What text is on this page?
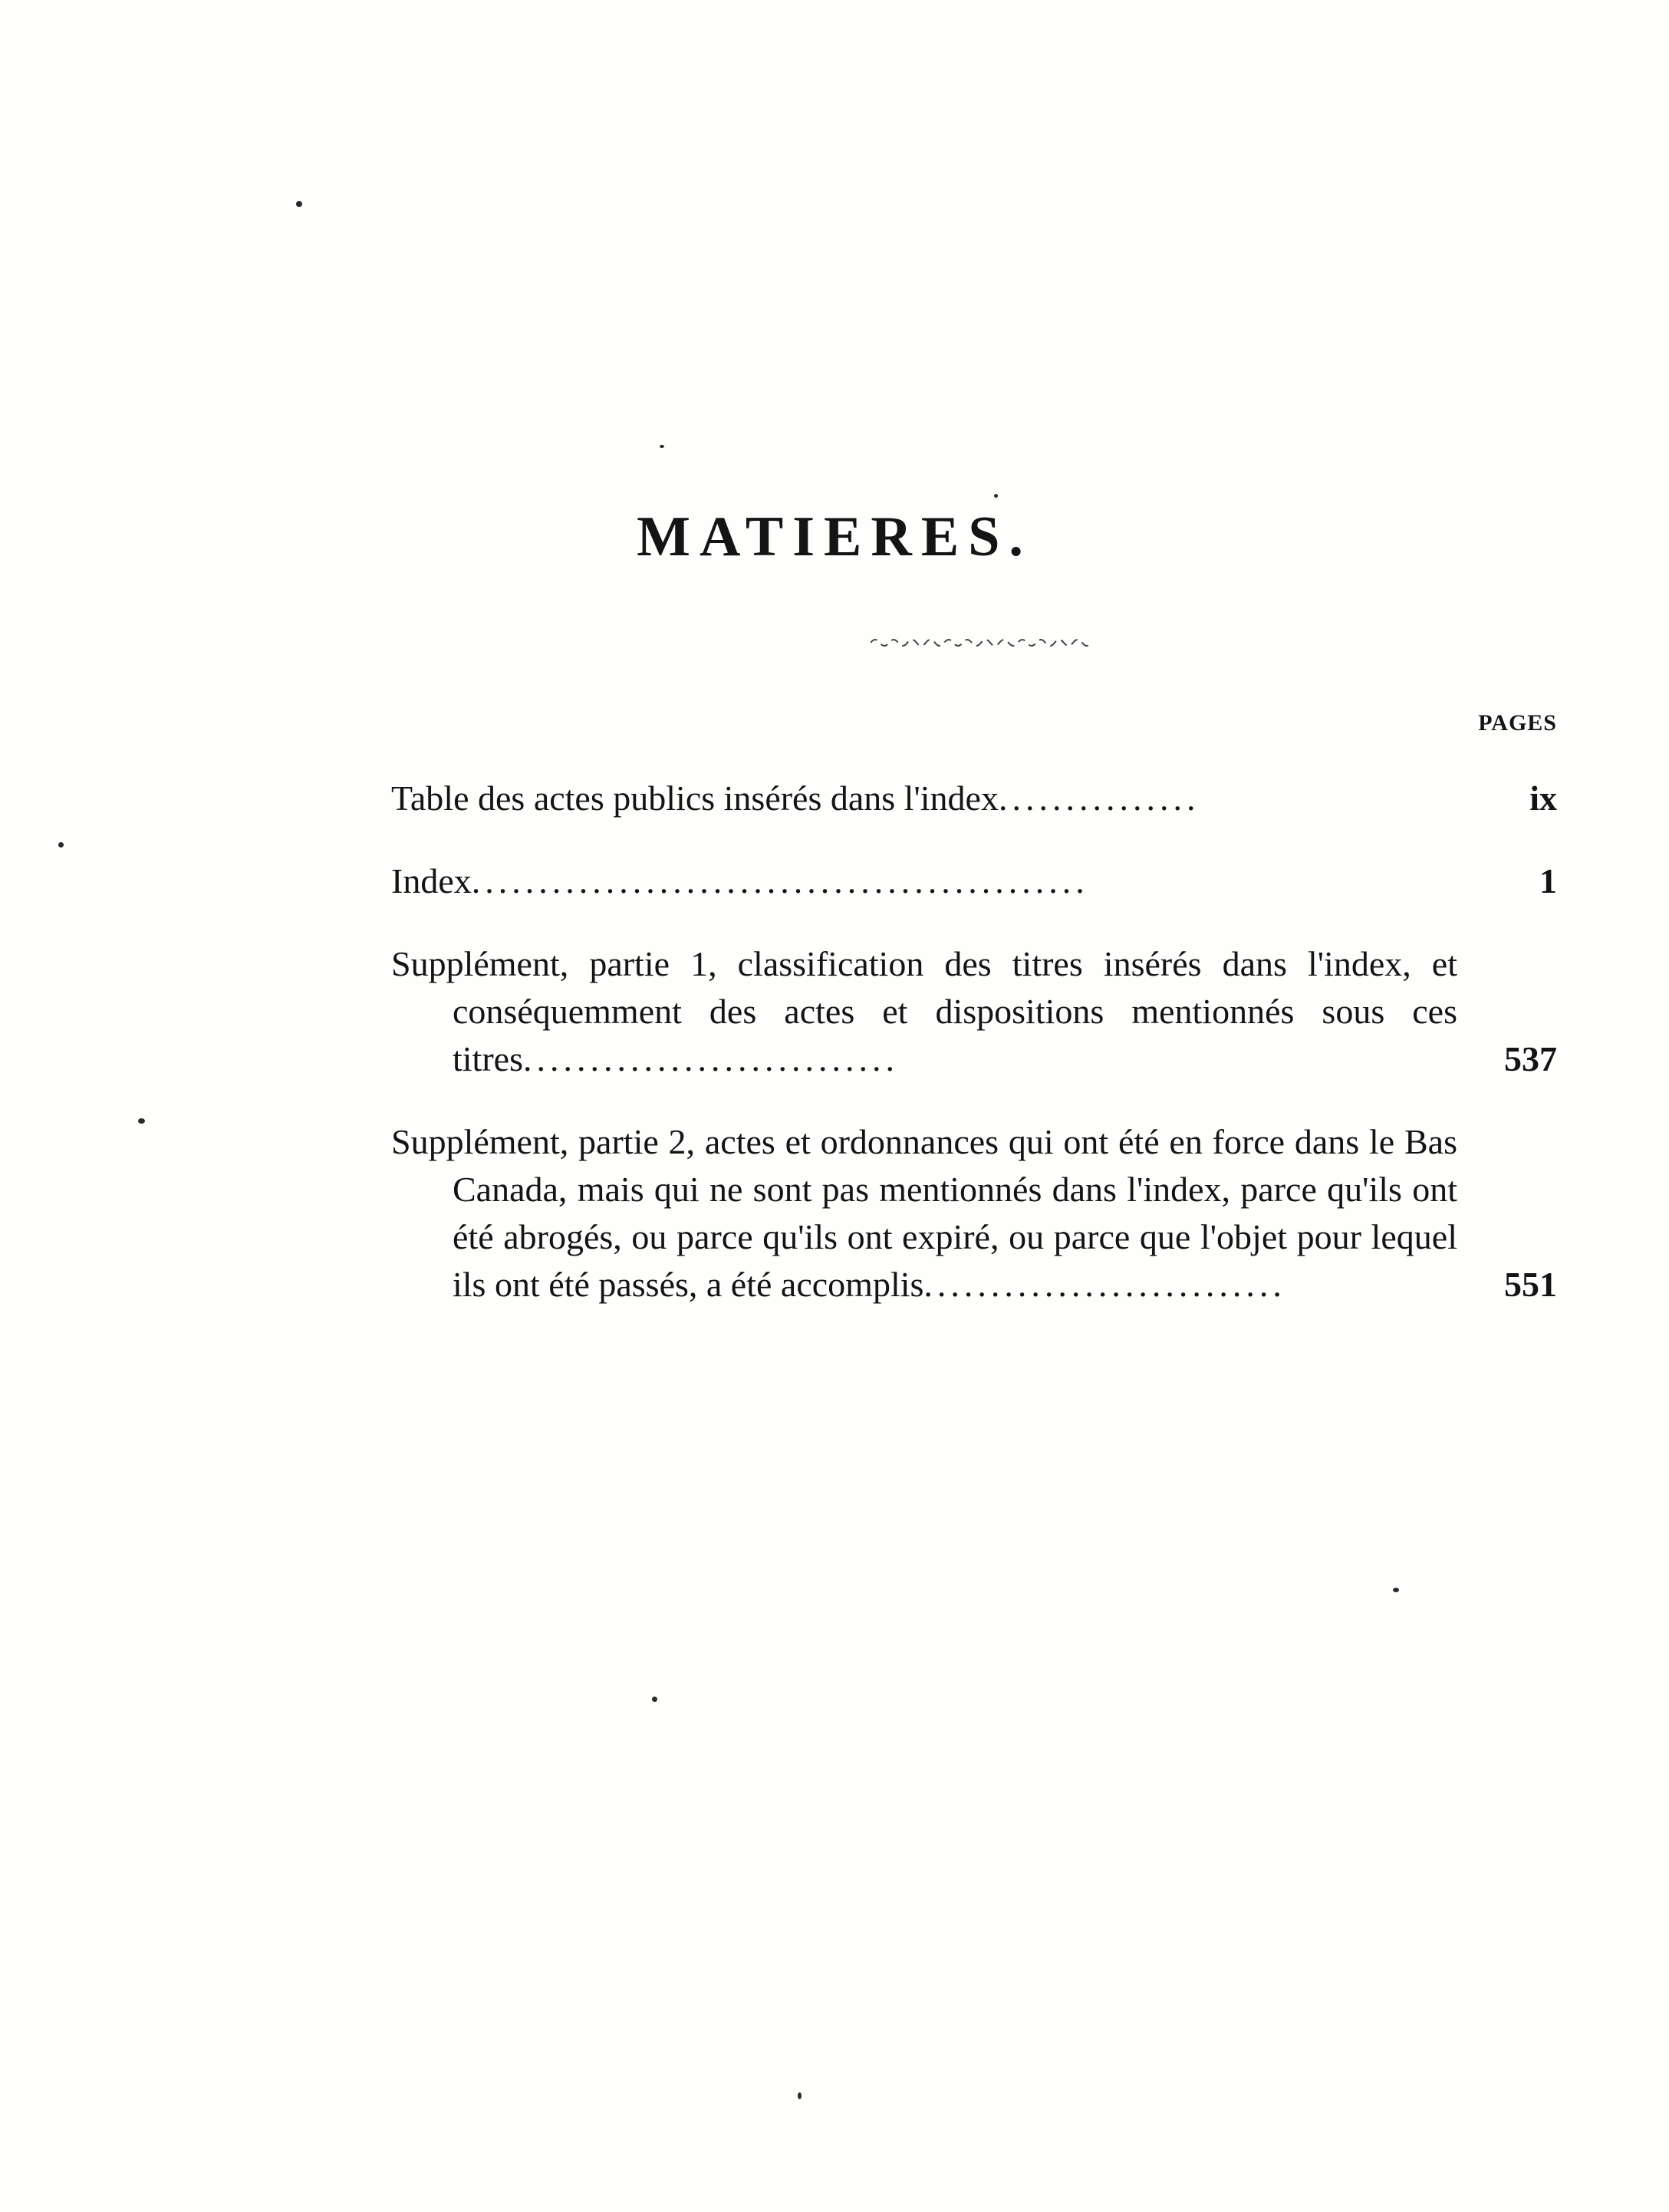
MATIERES.
PAGES
Table des actes publics insérés dans l'index...............	ix
Index..............................................	1
Supplément, partie 1, classification des titres insérés dans l'index, et conséquemment des actes et dispositions mentionnés sous ces titres............................	537
Supplément, partie 2, actes et ordonnances qui ont été en force dans le Bas Canada, mais qui ne sont pas mentionnés dans l'index, parce qu'ils ont été abrogés, ou parce qu'ils ont expiré, ou parce que l'objet pour lequel ils ont été passés, a été accomplis...........................	551
